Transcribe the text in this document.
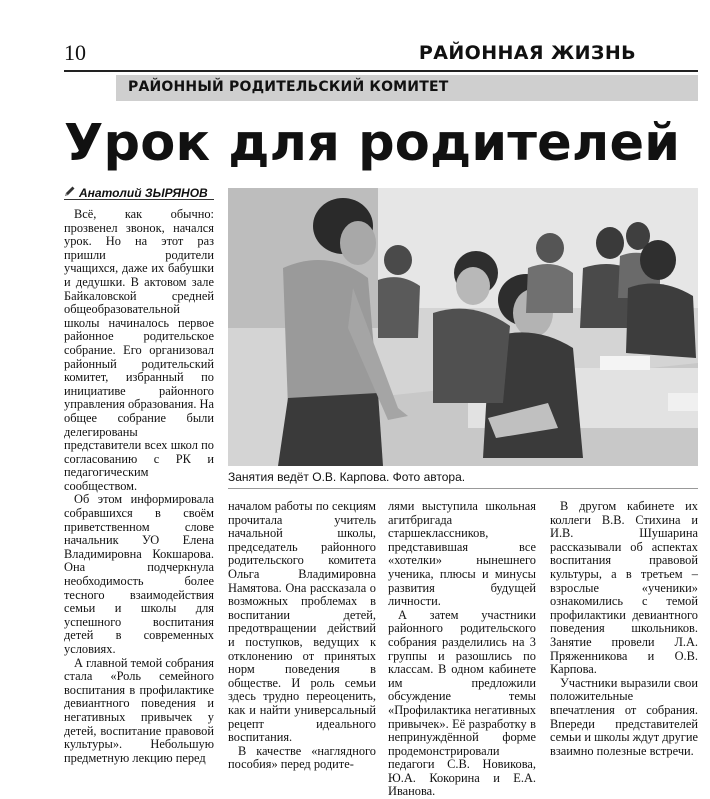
10	РАЙОННАЯ ЖИЗНЬ
РАЙОННЫЙ РОДИТЕЛЬСКИЙ КОМИТЕТ
Урок для родителей
Анатолий ЗЫРЯНОВ
Занятия ведёт О.В. Карпова. Фото автора.

Всё, как обычно: прозвенел звонок, начался урок. Но на этот раз пришли родители учащихся, даже их бабушки и дедушки. В актовом зале Байкаловской средней общеобразовательной школы начиналось первое районное родительское собрание. Его организовал районный родительский комитет, избранный по инициативе районного управления образования. На общее собрание были делегированы представители всех школ по согласованию с РК и педагогическим сообществом.

Об этом информировала собравшихся в своём приветственном слове начальник УО Елена Владимировна Кокшарова. Она подчеркнула необходимость более тесного взаимодействия семьи и школы для успешного воспитания детей в современных условиях.

А главной темой собрания стала «Роль семейного воспитания в профилактике девиантного поведения и негативных привычек у детей, воспитание правовой культуры». Небольшую предметную лекцию перед

началом работы по секциям прочитала учитель начальной школы, председатель районного родительского комитета Ольга Владимировна Намятова. Она рассказала о возможных проблемах в воспитании детей, предотвращении действий и поступков, ведущих к отклонению от принятых норм поведения в обществе. И роль семьи здесь трудно переоценить, как и найти универсальный рецепт идеального воспитания.

В качестве «наглядного пособия» перед родите-

лями выступила школьная агитбригада старшеклассников, представившая все «хотелки» нынешнего ученика, плюсы и минусы развития будущей личности.

А затем участники районного родительского собрания разделились на 3 группы и разошлись по классам. В одном кабинете им предложили обсуждение темы «Профилактика негативных привычек». Её разработку в непринуждённой форме продемонстрировали педагоги С.В. Новикова, Ю.А. Кокорина и Е.А. Иванова.

В другом кабинете их коллеги В.В. Стихина и И.В. Шушарина рассказывали об аспектах воспитания правовой культуры, а в третьем – взрослые «ученики» ознакомились с темой профилактики девиантного поведения школьников. Занятие провели Л.А. Пряженникова и О.В. Карпова.

Участники выразили свои положительные впечатления от собрания. Впереди представителей семьи и школы ждут другие взаимно полезные встречи.
